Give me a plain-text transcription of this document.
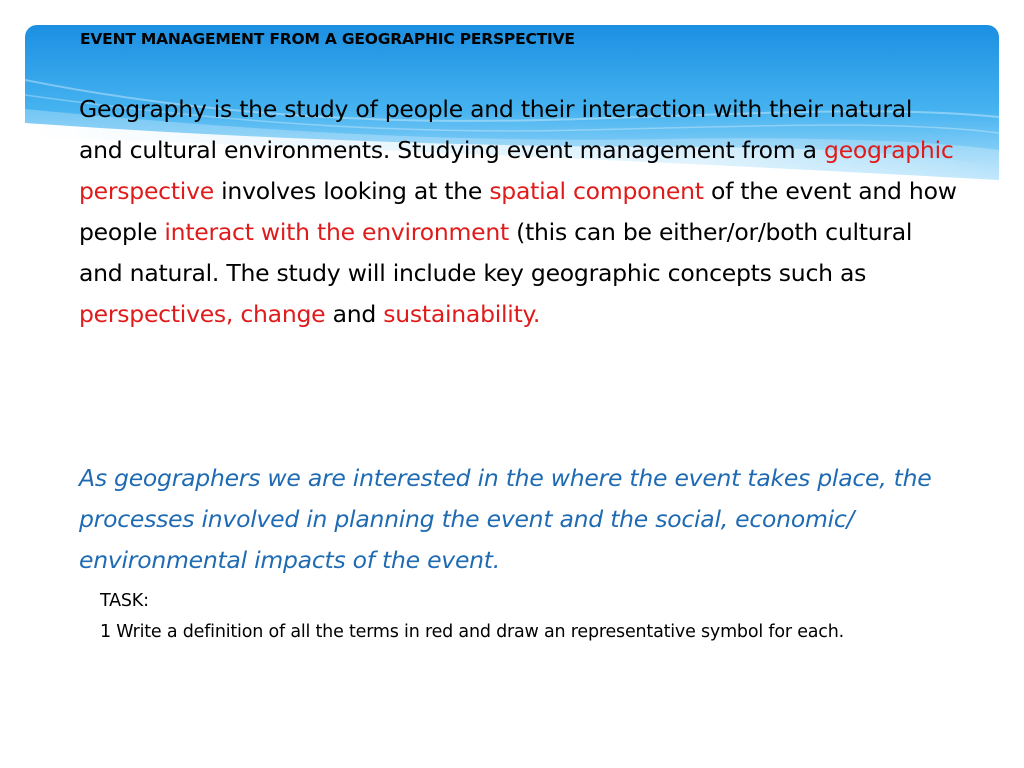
EVENT MANAGEMENT FROM A GEOGRAPHIC PERSPECTIVE

Geography is the study of people and their interaction with their natural and cultural environments. Studying event management from a geographic perspective involves looking at the spatial component of the event and how people interact with the environment (this can be either/or/both cultural and natural. The study will include key geographic concepts such as perspectives, change and sustainability.

As geographers we are interested in the where the event takes place, the processes involved in planning the event and the social, economic/ environmental impacts of the event.

TASK:
1 Write a definition of all the terms in red and draw an representative symbol for each.
